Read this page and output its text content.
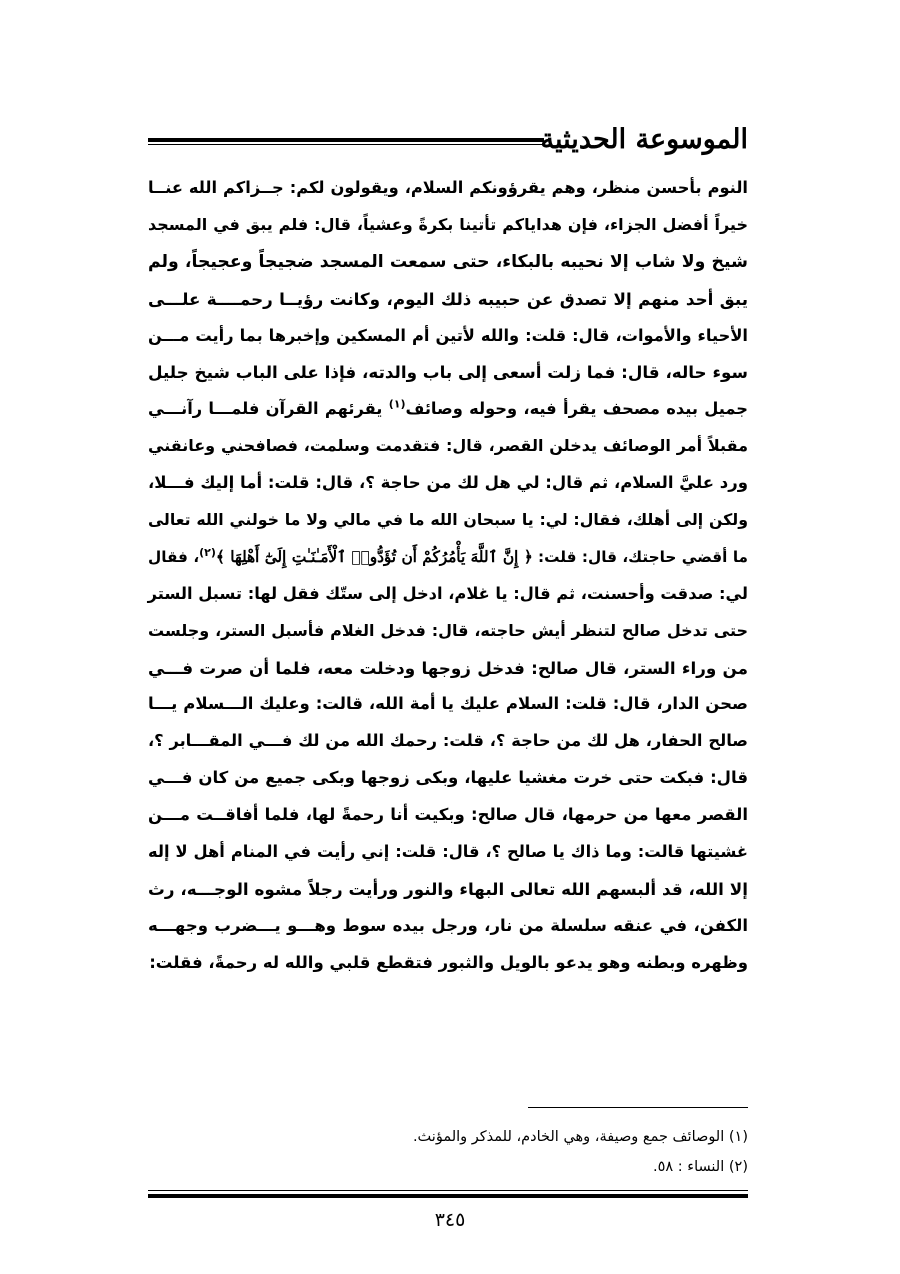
الموسوعة الحديثية
النوم بأحسن منظر، وهم يقرؤونكم السلام، ويقولون لكم: جــزاكم الله عنــا
خيراً أفضل الجزاء، فإن هداياكم تأتينا بكرةً وعشياً، قال: فلم يبق في المسجد
شيخ ولا شاب إلا نحيبه بالبكاء، حتى سمعت المسجد ضجيجاً وعجيجاً، ولم
يبق أحد منهم إلا تصدق عن حبيبه ذلك اليوم، وكانت رؤيــا رحمــــة علـــى
الأحياء والأموات، قال: قلت: والله لأتين أم المسكين وإخبرها بما رأيت مـــن
سوء حاله، قال: فما زلت أسعى إلى باب والدته، فإذا على الباب شيخ جليل
جميل بيده مصحف يقرأ فيه، وحوله وصائف$^{(١)}$ يقرئهم القرآن فلمـــا رآنـــي
مقبلاً أمر الوصائف يدخلن القصر، قال: فتقدمت وسلمت، فصافحني وعانقني
ورد عليَّ السلام، ثم قال: لي هل لك من حاجة ؟، قال: قلت: أما إليك فـــلا،
ولكن إلى أهلك، فقال: لي: يا سبحان الله ما في مالي ولا ما خولني الله تعالى
ما أقضي حاجتك، قال: قلت: ﴿ إِنَّ ٱللَّهَ يَأْمُرُكُمْ أَن تُؤَدُّوا۟ ٱلْأَمَـٰنَـٰتِ إِلَىٰٓ أَهْلِهَا ﴾$^{(٢)}$، فقال
لي: صدقت وأحسنت، ثم قال: يا غلام، ادخل إلى ستّك فقل لها: تسبل الستر
حتى تدخل صالح لتنظر أيش حاجته، قال: فدخل الغلام فأسبل الستر، وجلست
من وراء الستر، قال صالح: فدخل زوجها ودخلت معه، فلما أن صرت فـــي
صحن الدار، قال: قلت: السلام عليك يا أمة الله، قالت: وعليك الـــسلام يـــا
صالح الحفار، هل لك من حاجة ؟، قلت: رحمك الله من لك فـــي المقـــابر ؟،
قال: فبكت حتى خرت مغشيا عليها، وبكى زوجها وبكى جميع من كان فـــي
القصر معها من حرمها، قال صالح: وبكيت أنا رحمةً لها، فلما أفاقــت مـــن
غشيتها قالت: وما ذاك يا صالح ؟، قال: قلت: إني رأيت في المنام أهل لا إله
إلا الله، قد ألبسهم الله تعالى البهاء والنور ورأيت رجلاً مشوه الوجـــه، رث
الكفن، في عنقه سلسلة من نار، ورجل بيده سوط وهـــو يـــضرب وجهـــه
وظهره وبطنه وهو يدعو بالويل والثبور فتقطع قلبي والله له رحمةً، فقلت:
(١) الوصائف جمع وصيفة، وهي الخادم، للمذكر والمؤنث.
(٢) النساء : ٥٨.
٣٤٥
